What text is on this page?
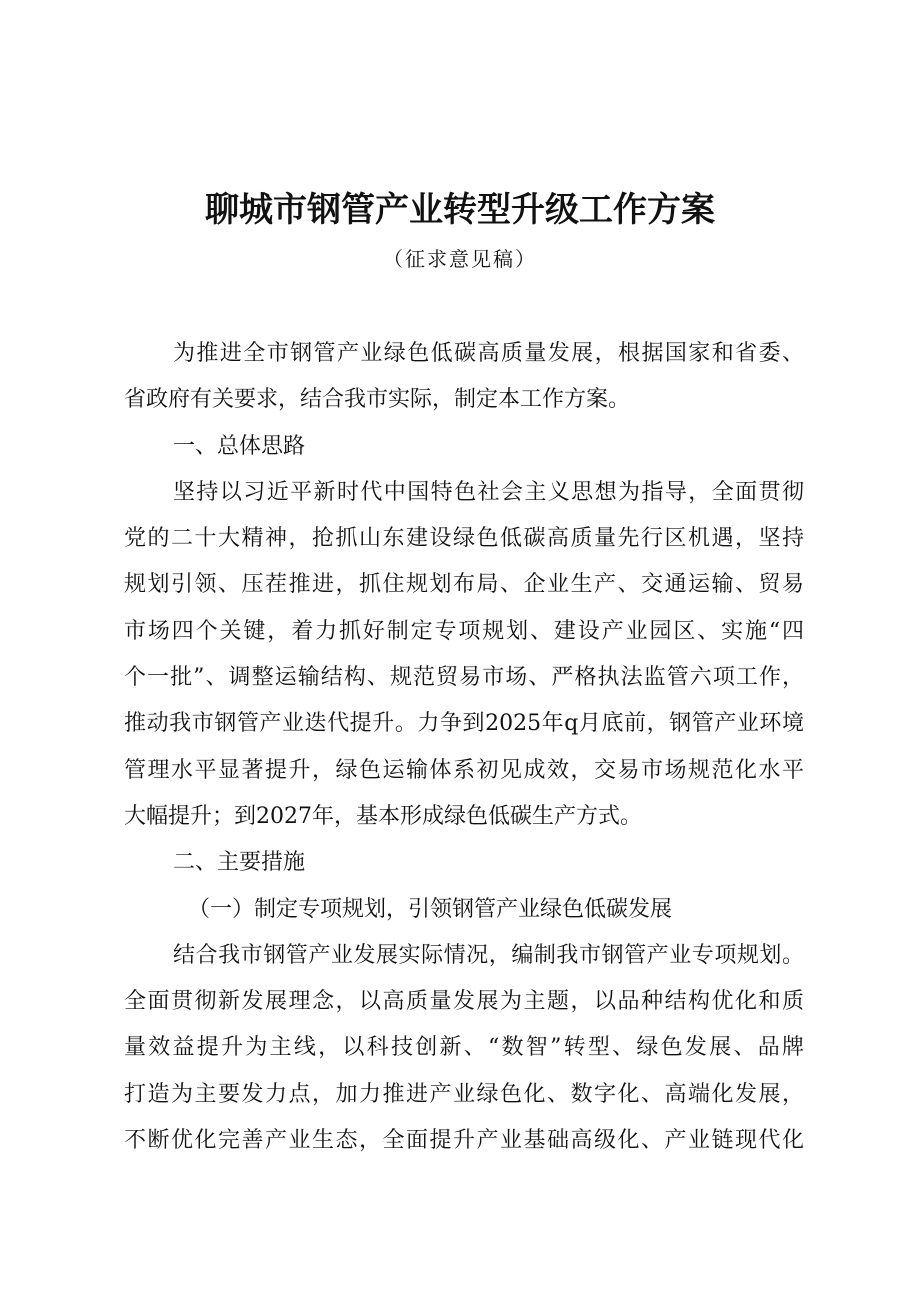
聊城市钢管产业转型升级工作方案
（征求意见稿）
为推进全市钢管产业绿色低碳高质量发展，根据国家和省委、
省政府有关要求，结合我市实际，制定本工作方案。
一、总体思路
坚持以习近平新时代中国特色社会主义思想为指导，全面贯彻
党的二十大精神，抢抓山东建设绿色低碳高质量先行区机遇，坚持
规划引领、压茬推进，抓住规划布局、企业生产、交通运输、贸易
市场四个关键，着力抓好制定专项规划、建设产业园区、实施“四
个一批”、调整运输结构、规范贸易市场、严格执法监管六项工作，
推动我市钢管产业迭代提升。力争到2025年q月底前，钢管产业环境
管理水平显著提升，绿色运输体系初见成效，交易市场规范化水平
大幅提升；到2027年，基本形成绿色低碳生产方式。
二、主要措施
（一）制定专项规划，引领钢管产业绿色低碳发展
结合我市钢管产业发展实际情况，编制我市钢管产业专项规划。
全面贯彻新发展理念，以高质量发展为主题，以品种结构优化和质
量效益提升为主线，以科技创新、“数智”转型、绿色发展、品牌
打造为主要发力点，加力推进产业绿色化、数字化、高端化发展，
不断优化完善产业生态，全面提升产业基础高级化、产业链现代化
